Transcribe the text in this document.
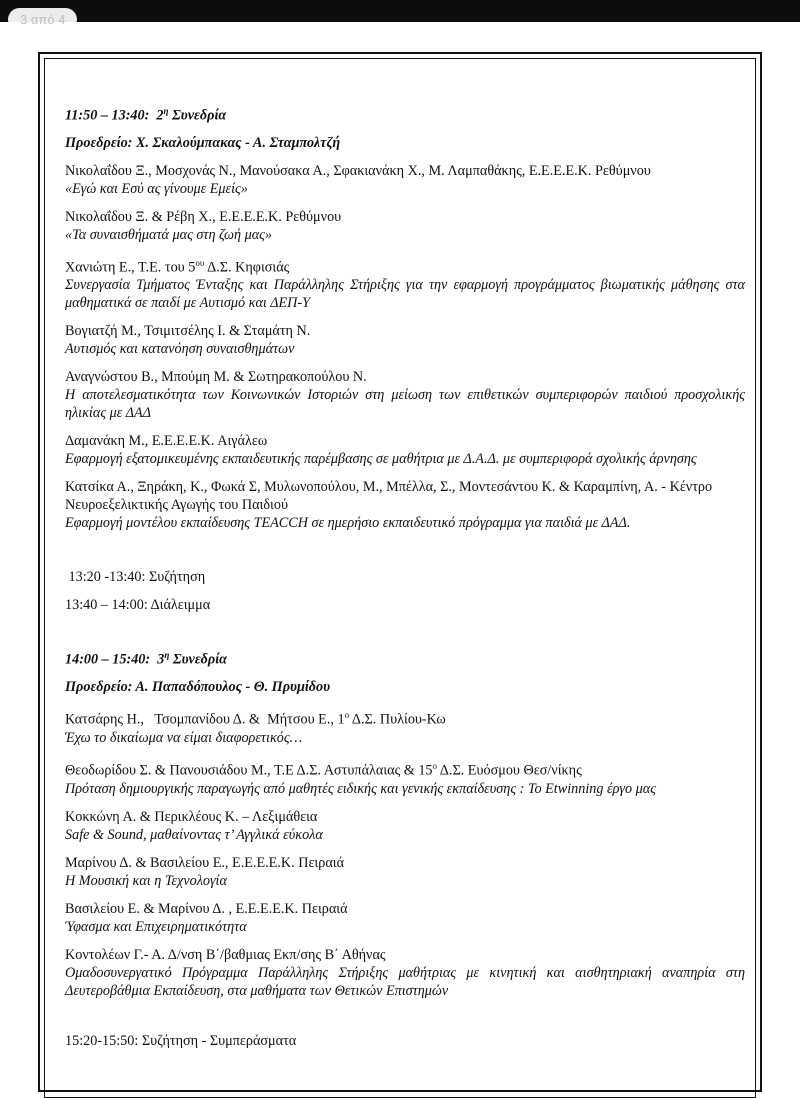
3 από 4
11:50 – 13:40: $2^\eta$ Συνεδρία
Προεδρείο: Χ. Σκαλούμπακας - Α. Σταμπολτζή
Νικολαΐδου Ξ., Μοσχονάς Ν., Μανούσακα Α., Σφακιανάκη Χ., Μ. Λαμπαθάκης, Ε.Ε.Ε.Ε.Κ. Ρεθύμνου
«Εγώ και Εσύ ας γίνουμε Εμείς»
Νικολαΐδου Ξ. & Ρέβη Χ., Ε.Ε.Ε.Ε.Κ. Ρεθύμνου
«Τα συναισθήματά μας στη ζωή μας»
Χανιώτη Ε., Τ.Ε. του $5^{o\upsilon}$ Δ.Σ. Κηφισιάς
Συνεργασία Τμήματος Ένταξης και Παράλληλης Στήριξης για την εφαρμογή προγράμματος βιωματικής μάθησης στα μαθηματικά σε παιδί με Αυτισμό και ΔΕΠ-Υ
Βογιατζή Μ., Τσιμιτσέλης Ι. & Σταμάτη Ν.
Αυτισμός και κατανόηση συναισθημάτων
Αναγνώστου Β., Μπούμη Μ. & Σωτηρακοπούλου Ν.
Η αποτελεσματικότητα των Κοινωνικών Ιστοριών στη μείωση των επιθετικών συμπεριφορών παιδιού προσχολικής ηλικίας με ΔΑΔ
Δαμανάκη Μ., Ε.Ε.Ε.Ε.Κ. Αιγάλεω
Εφαρμογή εξατομικευμένης εκπαιδευτικής παρέμβασης σε μαθήτρια με Δ.Α.Δ. με συμπεριφορά σχολικής άρνησης
Κατσίκα Α., Ξηράκη, Κ., Φωκά Σ, Μυλωνοπούλου, Μ., Μπέλλα, Σ., Μοντεσάντου Κ. & Καραμπίνη, Α. - Κέντρο Νευροεξελικτικής Αγωγής του Παιδιού
Εφαρμογή μοντέλου εκπαίδευσης TEACCH σε ημερήσιο εκπαιδευτικό πρόγραμμα για παιδιά με ΔΑΔ.
13:20 -13:40: Συζήτηση
13:40 – 14:00: Διάλειμμα
14:00 – 15:40: $3^\eta$ Συνεδρία
Προεδρείο: Α. Παπαδόπουλος - Θ. Πρυμίδου
Κατσάρης Η.,   Τσομπανίδου Δ. &  Μήτσου Ε., $1^o$ Δ.Σ. Πυλίου-Κω
Έχω το δικαίωμα να είμαι διαφορετικός…
Θεοδωρίδου Σ. & Πανουσιάδου Μ., Τ.Ε Δ.Σ. Αστυπάλαιας & $15^o$ Δ.Σ. Ευόσμου Θεσ/νίκης
Πρόταση δημιουργικής παραγωγής από μαθητές ειδικής και γενικής εκπαίδευσης : Το Etwinning έργο μας
Κοκκώνη Α. & Περικλέους Κ. – Λεξιμάθεια
Safe & Sound, μαθαίνοντας τ’ Αγγλικά εύκολα
Μαρίνου Δ. & Βασιλείου Ε., Ε.Ε.Ε.Ε.Κ. Πειραιά
Η Μουσική και η Τεχνολογία
Βασιλείου Ε. & Μαρίνου Δ. , Ε.Ε.Ε.Ε.Κ. Πειραιά
Ύφασμα και Επιχειρηματικότητα
Κοντολέων Γ.- Α. Δ/νση Β΄/βαθμιας Εκπ/σης Β΄ Αθήνας
Ομαδοσυνεργατικό Πρόγραμμα Παράλληλης Στήριξης μαθήτριας με κινητική και αισθητηριακή αναπηρία στη Δευτεροβάθμια Εκπαίδευση, στα μαθήματα των Θετικών Επιστημών
15:20-15:50: Συζήτηση - Συμπεράσματα
